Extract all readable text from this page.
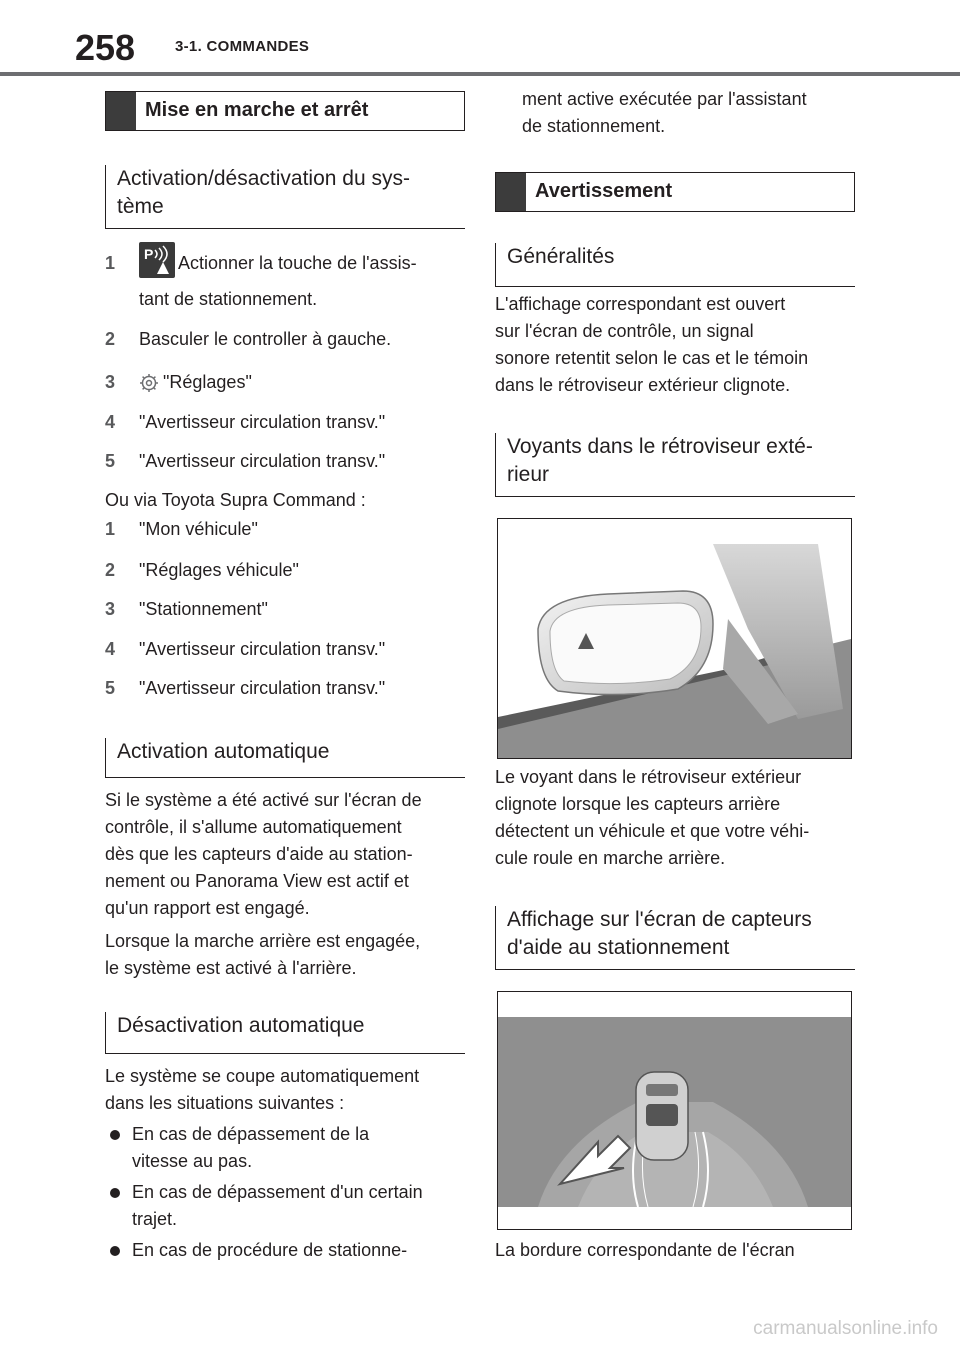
258	3-1. COMMANDES
Mise en marche et arrêt
Activation/désactivation du sys-
tème
1 P Actionner la touche de l'assis-
tant de stationnement.
2 Basculer le controller à gauche.
3	"Réglages"
4 "Avertisseur circulation transv."
5 "Avertisseur circulation transv."
Ou via Toyota Supra Command :
1 "Mon véhicule"
2 "Réglages véhicule"
3 "Stationnement"
4 "Avertisseur circulation transv."
5 "Avertisseur circulation transv."
Activation automatique
Si le système a été activé sur l'écran de
contrôle, il s'allume automatiquement
dès que les capteurs d'aide au station-
nement ou Panorama View est actif et
qu'un rapport est engagé.
Lorsque la marche arrière est engagée,
le système est activé à l'arrière.
Désactivation automatique
Le système se coupe automatiquement
dans les situations suivantes :
En cas de dépassement de la
vitesse au pas.
En cas de dépassement d'un certain
trajet.
En cas de procédure de stationne-
ment active exécutée par l'assistant
de stationnement.
Avertissement
Généralités
L'affichage correspondant est ouvert
sur l'écran de contrôle, un signal
sonore retentit selon le cas et le témoin
dans le rétroviseur extérieur clignote.
Voyants dans le rétroviseur exté-
rieur
Le voyant dans le rétroviseur extérieur
clignote lorsque les capteurs arrière
détectent un véhicule et que votre véhi-
cule roule en marche arrière.
Affichage sur l'écran de capteurs
d'aide au stationnement
La bordure correspondante de l'écran
carmanualsonline.info
